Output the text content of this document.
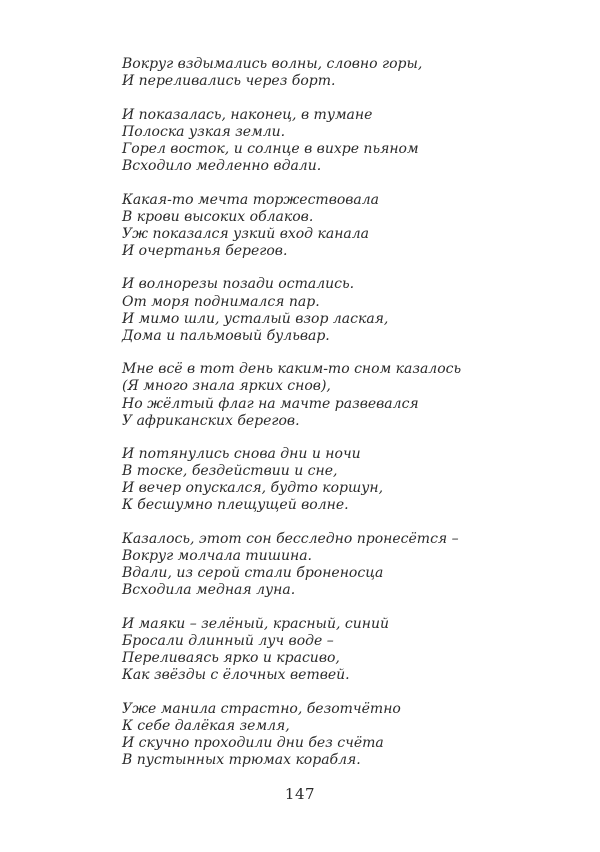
Вокруг вздымались волны, словно горы,
И переливались через борт.
И показалась, наконец, в тумане
Полоска узкая земли.
Горел восток, и солнце в вихре пьяном
Всходило медленно вдали.
Какая-то мечта торжествовала
В крови высоких облаков.
Уж показался узкий вход канала
И очертанья берегов.
И волнорезы позади остались.
От моря поднимался пар.
И мимо шли, усталый взор лаская,
Дома и пальмовый бульвар.
Мне всё в тот день каким-то сном казалось
(Я много знала ярких снов),
Но жёлтый флаг на мачте развевался
У африканских берегов.
И потянулись снова дни и ночи
В тоске, бездействии и сне,
И вечер опускался, будто коршун,
К бесшумно плещущей волне.
Казалось, этот сон бесследно пронесётся –
Вокруг молчала тишина.
Вдали, из серой стали броненосца
Всходила медная луна.
И маяки – зелёный, красный, синий
Бросали длинный луч воде –
Переливаясь ярко и красиво,
Как звёзды с ёлочных ветвей.
Уже манила страстно, безотчётно
К себе далёкая земля,
И скучно проходили дни без счёта
В пустынных трюмах корабля.
147
